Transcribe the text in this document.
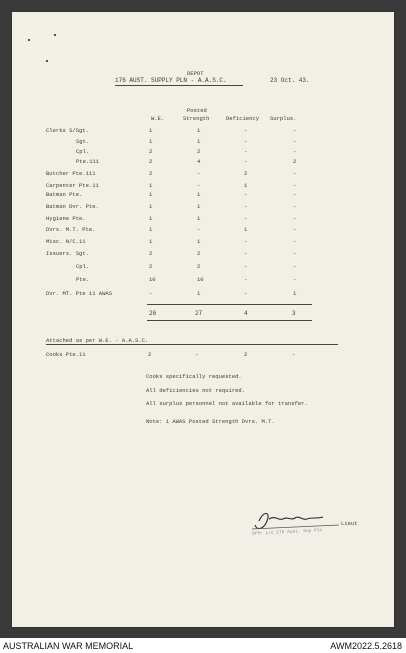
DEPOT
176 AUST. SUPPLY PLN - A.A.S.C.	23 Oct. 43.
W.E.
Posted
Strength	Deficiency Surplus.
Clerks S/Sgt.	1	1	-	-
Sgt.	1	1	-	-
Cpl.	2	2	-	-
Pte.111	2	4	-	2
Butcher Pte.111	2	-	2	-
Carpenter Pte.11	1	-	1	-
Batman Pte.	1	1	-	-
Batman Dvr. Pte.	1	1	-	-
Hygiene Pte.	1	1	-	-
Dvrs. M.T. Pte.	1	-	1	-
Misc. N/C.11	1	1	-	-
Issuers. Sgt.	2	2	-	-
Cpl.	2	2	-	-
Pte.	10	10	-	-
Dvr. MT. Pte 11 AWAS	-	1	-	1
26	27	4	3
Attached as per W.E. - A.A.S.C.
Cooks Pte.11	2	-	2	-
Cooks specifically requested.
All deficiencies not required.
All surplus personnel not available for transfer.
Note: 1 AWAS Posted Strength Dvrs. M.T.
Lieut
Offr i/c 176 Aust. Sup Pln
AUSTRALIAN WAR MEMORIAL	AWM2022.5.2618
